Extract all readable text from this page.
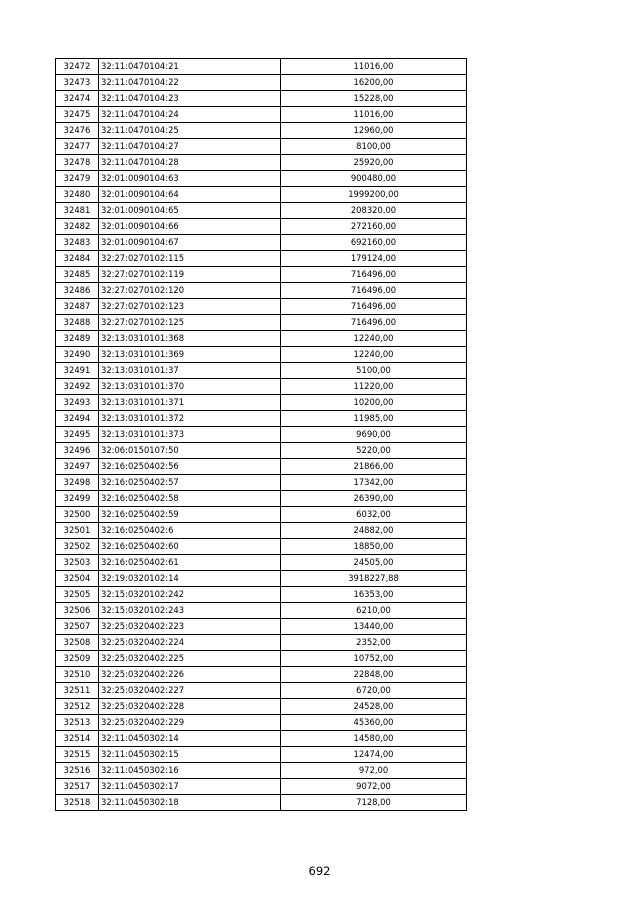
32472	32:11:0470104:21	11016,00
32473	32:11:0470104:22	16200,00
32474	32:11:0470104:23	15228,00
32475	32:11:0470104:24	11016,00
32476	32:11:0470104:25	12960,00
32477	32:11:0470104:27	8100,00
32478	32:11:0470104:28	25920,00
32479	32:01:0090104:63	900480,00
32480	32:01:0090104:64	1999200,00
32481	32:01:0090104:65	208320,00
32482	32:01:0090104:66	272160,00
32483	32:01:0090104:67	692160,00
32484	32:27:0270102:115	179124,00
32485	32:27:0270102:119	716496,00
32486	32:27:0270102:120	716496,00
32487	32:27:0270102:123	716496,00
32488	32:27:0270102:125	716496,00
32489	32:13:0310101:368	12240,00
32490	32:13:0310101:369	12240,00
32491	32:13:0310101:37	5100,00
32492	32:13:0310101:370	11220,00
32493	32:13:0310101:371	10200,00
32494	32:13:0310101:372	11985,00
32495	32:13:0310101:373	9690,00
32496	32:06:0150107:50	5220,00
32497	32:16:0250402:56	21866,00
32498	32:16:0250402:57	17342,00
32499	32:16:0250402:58	26390,00
32500	32:16:0250402:59	6032,00
32501	32:16:0250402:6	24882,00
32502	32:16:0250402:60	18850,00
32503	32:16:0250402:61	24505,00
32504	32:19:0320102:14	3918227,88
32505	32:15:0320102:242	16353,00
32506	32:15:0320102:243	6210,00
32507	32:25:0320402:223	13440,00
32508	32:25:0320402:224	2352,00
32509	32:25:0320402:225	10752,00
32510	32:25:0320402:226	22848,00
32511	32:25:0320402:227	6720,00
32512	32:25:0320402:228	24528,00
32513	32:25:0320402:229	45360,00
32514	32:11:0450302:14	14580,00
32515	32:11:0450302:15	12474,00
32516	32:11:0450302:16	972,00
32517	32:11:0450302:17	9072,00
32518	32:11:0450302:18	7128,00
692
